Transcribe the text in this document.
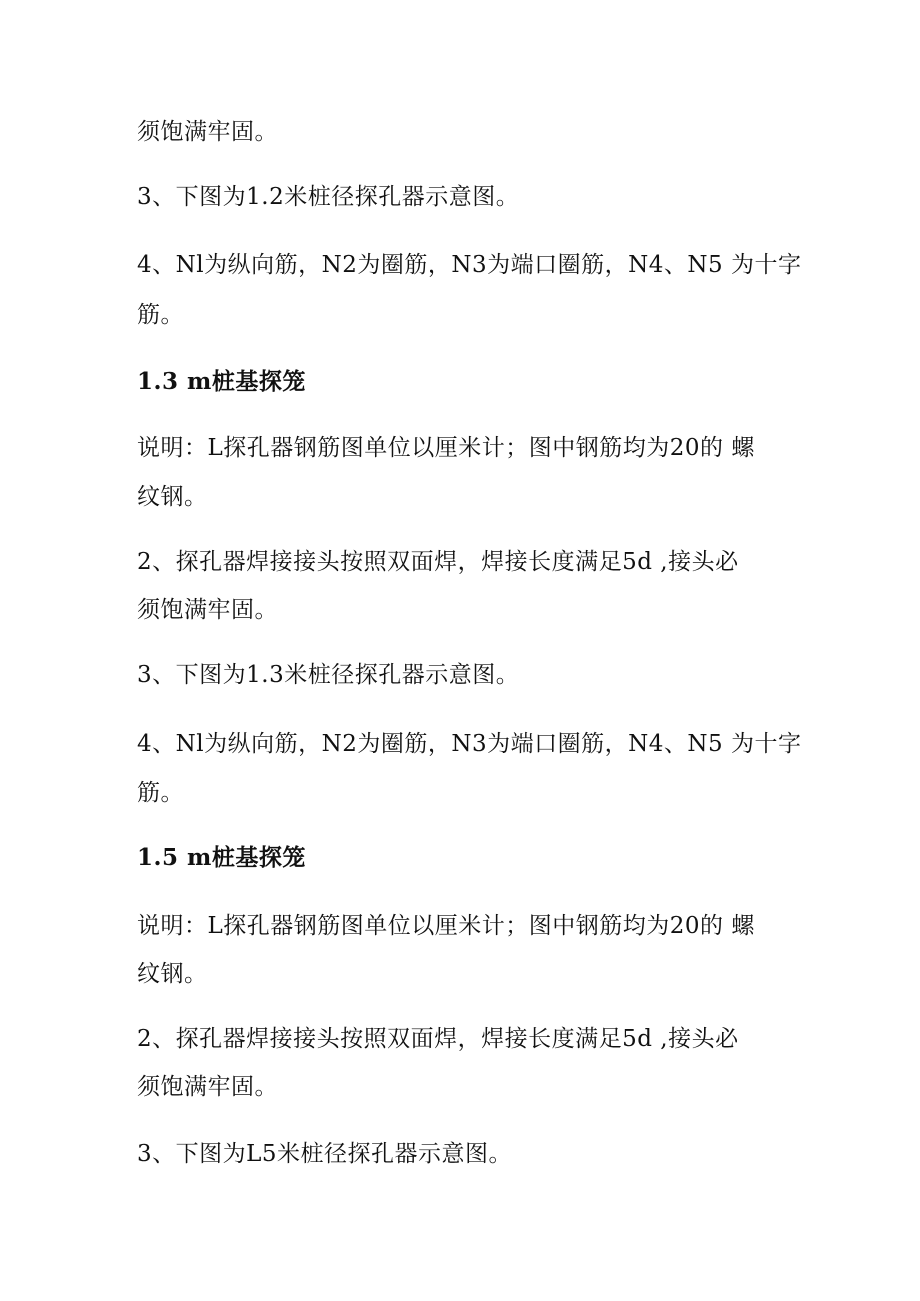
须饱满牢固。

3、下图为1.2米桩径探孔器示意图。

4、Nl为纵向筋，N2为圈筋，N3为端口圈筋，N4、N5 为十字

筋。

1.3 m桩基探笼

说明：L探孔器钢筋图单位以厘米计；图中钢筋均为20的 螺

纹钢。

2、探孔器焊接接头按照双面焊，焊接长度满足5d ,接头必

须饱满牢固。

3、下图为1.3米桩径探孔器示意图。

4、Nl为纵向筋，N2为圈筋，N3为端口圈筋，N4、N5 为十字

筋。

1.5 m桩基探笼

说明：L探孔器钢筋图单位以厘米计；图中钢筋均为20的 螺

纹钢。

2、探孔器焊接接头按照双面焊，焊接长度满足5d ,接头必

须饱满牢固。

3、下图为L5米桩径探孔器示意图。
